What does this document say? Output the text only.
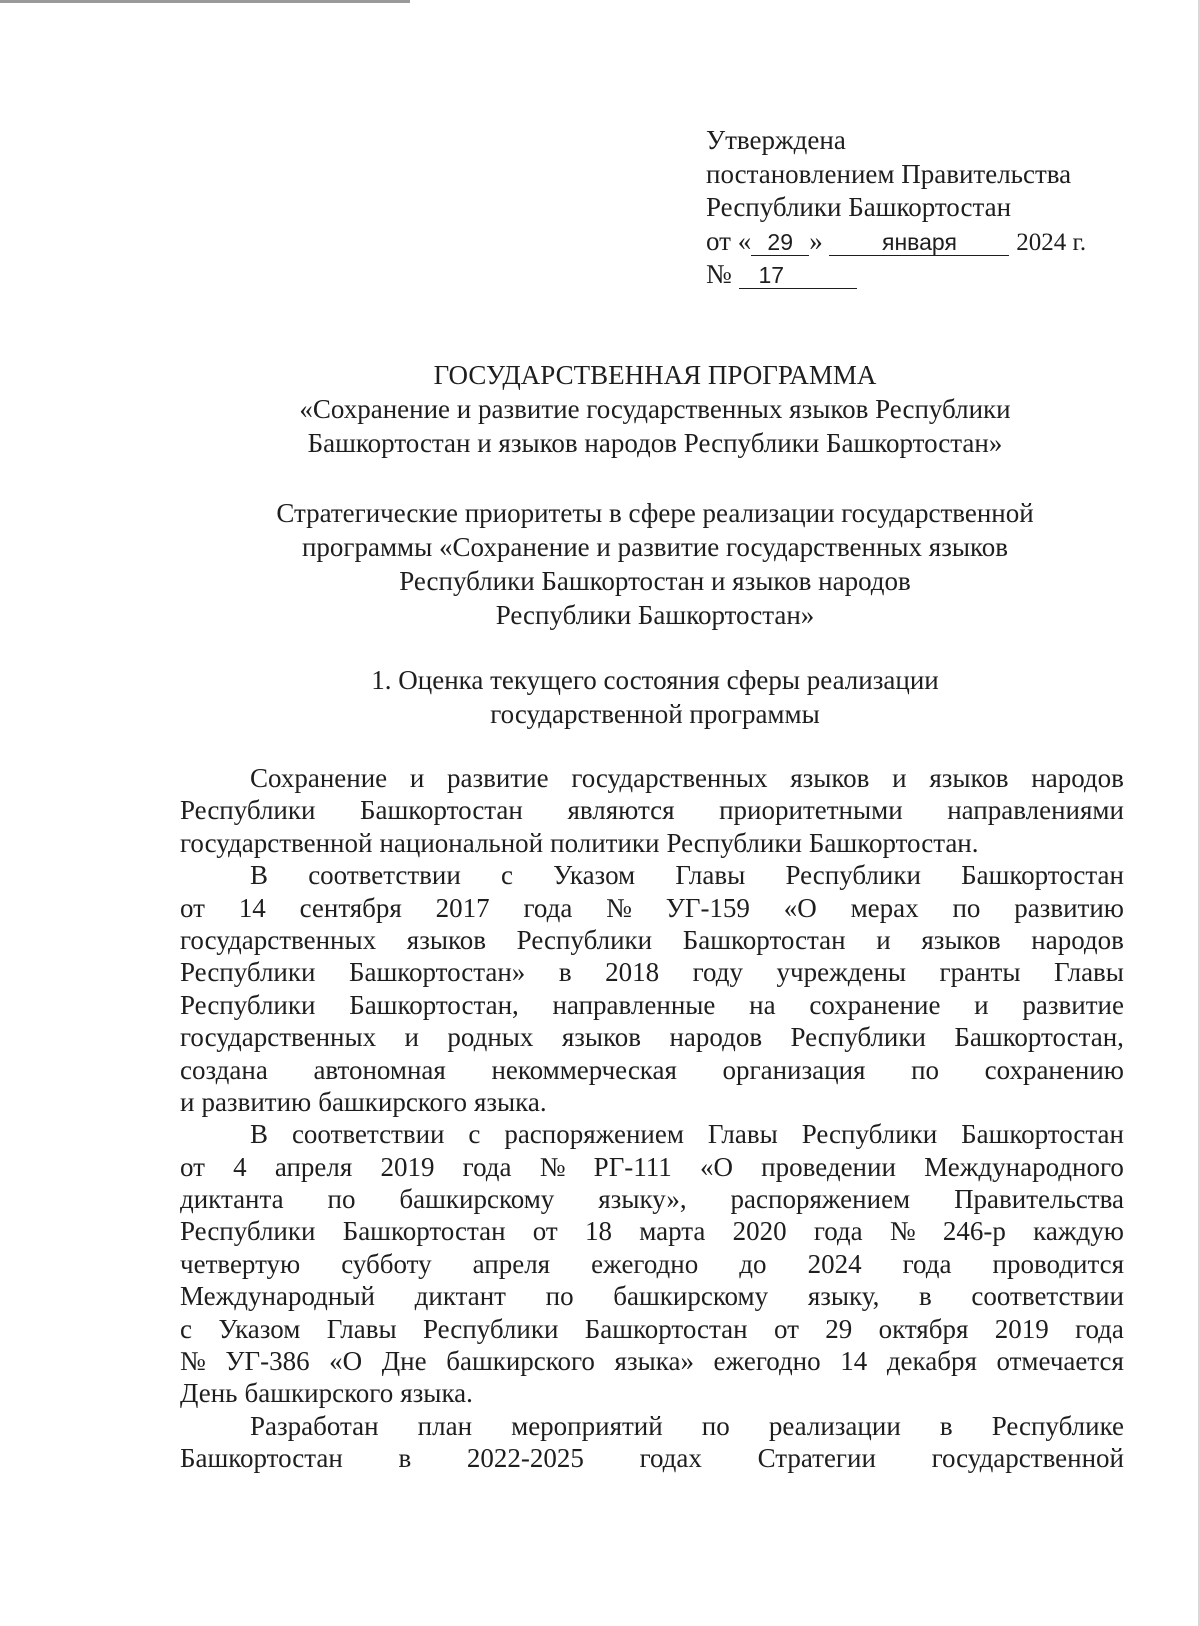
Утверждена
постановлением Правительства
Республики Башкортостан
от « 29 »	января 2024 г.
№ 17
ГОСУДАРСТВЕННАЯ ПРОГРАММА
«Сохранение и развитие государственных языков Республики
Башкортостан и языков народов Республики Башкортостан»
Стратегические приоритеты в сфере реализации государственной
программы «Сохранение и развитие государственных языков
Республики Башкортостан и языков народов
Республики Башкортостан»
1. Оценка текущего состояния сферы реализации
государственной программы
Сохранение и развитие государственных языков и языков народов
Республики Башкортостан являются приоритетными направлениями
государственной национальной политики Республики Башкортостан.
В соответствии с Указом Главы Республики Башкортостан
от 14 сентября 2017 года № УГ-159 «О мерах по развитию
государственных языков Республики Башкортостан и языков народов
Республики Башкортостан» в 2018 году учреждены гранты Главы
Республики Башкортостан, направленные на сохранение и развитие
государственных и родных языков народов Республики Башкортостан,
создана автономная некоммерческая организация по сохранению
и развитию башкирского языка.
В соответствии с распоряжением Главы Республики Башкортостан
от 4 апреля 2019 года № РГ-111 «О проведении Международного
диктанта по башкирскому языку», распоряжением Правительства
Республики Башкортостан от 18 марта 2020 года № 246-р каждую
четвертую субботу апреля ежегодно до 2024 года проводится
Международный диктант по башкирскому языку, в соответствии
с Указом Главы Республики Башкортостан от 29 октября 2019 года
№ УГ-386 «О Дне башкирского языка» ежегодно 14 декабря отмечается
День башкирского языка.
Разработан план мероприятий по реализации в Республике
Башкортостан в 2022-2025 годах Стратегии государственной
